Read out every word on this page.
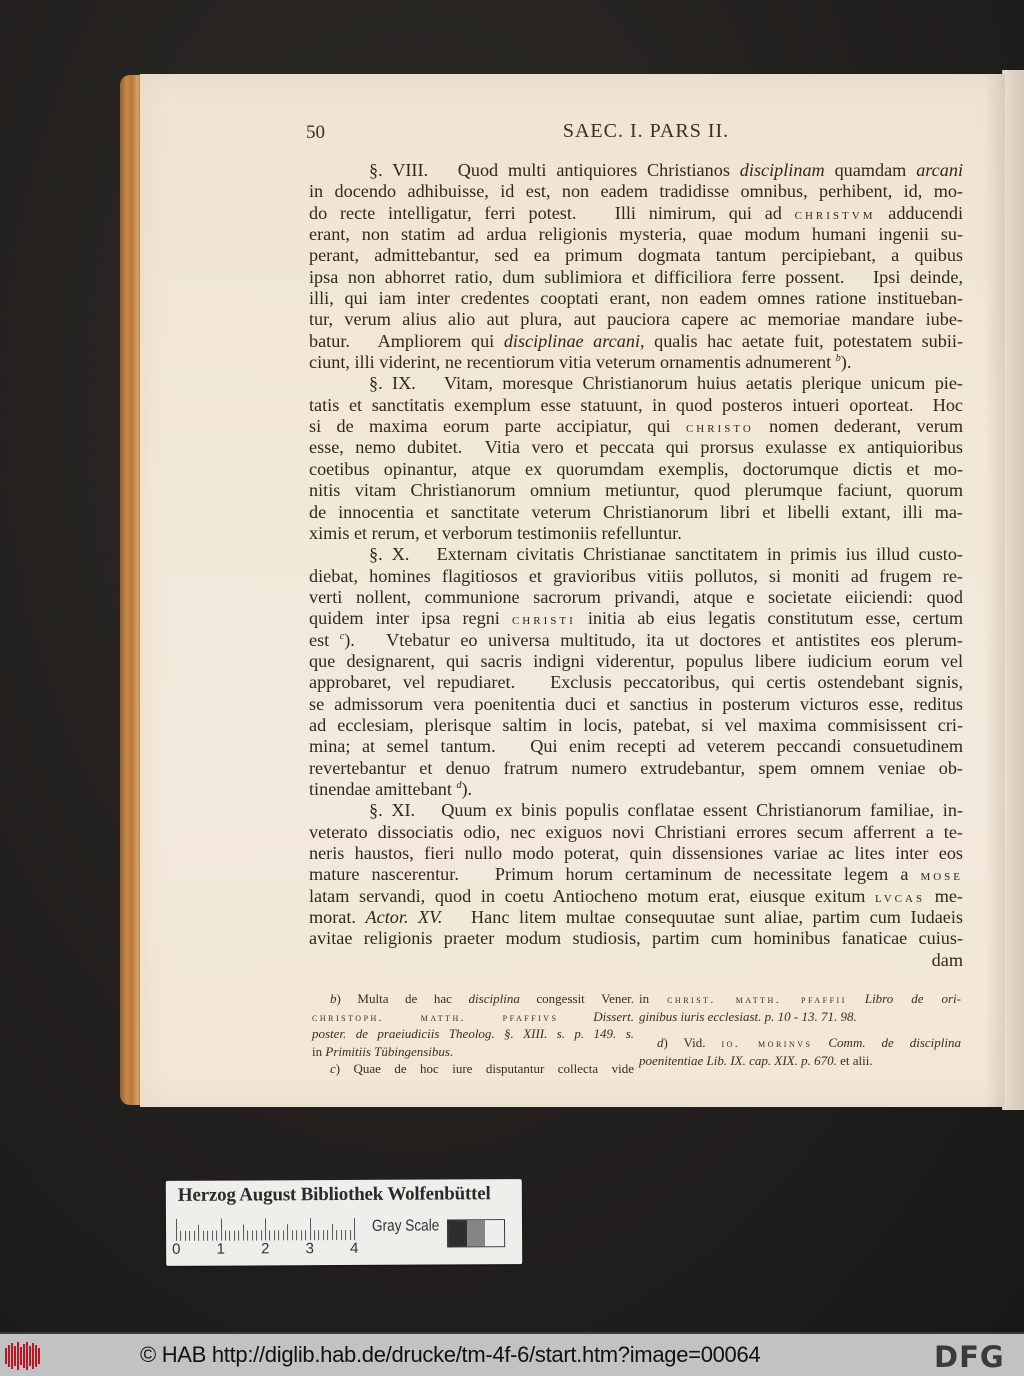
50	SAEC. I. PARS II.
§. VIII.   Quod multi antiquiores Christianos disciplinam quamdam arcani
in docendo adhibuisse, id est, non eadem tradidisse omnibus, perhibent, id, mo-
do recte intelligatur, ferri potest.   Illi nimirum, qui ad christvm adducendi
erant, non statim ad ardua religionis mysteria, quae modum humani ingenii su-
perant, admittebantur, sed ea primum dogmata tantum percipiebant, a quibus
ipsa non abhorret ratio, dum sublimiora et difficiliora ferre possent.   Ipsi deinde,
illi, qui iam inter credentes cooptati erant, non eadem omnes ratione institueban-
tur, verum alius alio aut plura, aut pauciora capere ac memoriae mandare iube-
batur.   Ampliorem qui disciplinae arcani, qualis hac aetate fuit, potestatem subii-
ciunt, illi viderint, ne recentiorum vitia veterum ornamentis adnumerent $^b$).
§. IX.   Vitam, moresque Christianorum huius aetatis plerique unicum pie-
tatis et sanctitatis exemplum esse statuunt, in quod posteros intueri oporteat.  Hoc
si de maxima eorum parte accipiatur, qui christo nomen dederant, verum
esse, nemo dubitet.  Vitia vero et peccata qui prorsus exulasse ex antiquioribus
coetibus opinantur, atque ex quorumdam exemplis, doctorumque dictis et mo-
nitis vitam Christianorum omnium metiuntur, quod plerumque faciunt, quorum
de innocentia et sanctitate veterum Christianorum libri et libelli extant, illi ma-
ximis et rerum, et verborum testimoniis refelluntur.
§. X.   Externam civitatis Christianae sanctitatem in primis ius illud custo-
diebat, homines flagitiosos et gravioribus vitiis pollutos, si moniti ad frugem re-
verti nollent, communione sacrorum privandi, atque e societate eiiciendi: quod
quidem inter ipsa regni christi initia ab eius legatis constitutum esse, certum
est $^c$).   Vtebatur eo universa multitudo, ita ut doctores et antistites eos plerum-
que designarent, qui sacris indigni viderentur, populus libere iudicium eorum vel
approbaret, vel repudiaret.   Exclusis peccatoribus, qui certis ostendebant signis,
se admissorum vera poenitentia duci et sanctius in posterum victuros esse, reditus
ad ecclesiam, plerisque saltim in locis, patebat, si vel maxima commisissent cri-
mina; at semel tantum.   Qui enim recepti ad veterem peccandi consuetudinem
revertebantur et denuo fratrum numero extrudebantur, spem omnem veniae ob-
tinendae amittebant $^d$).
§. XI.   Quum ex binis populis conflatae essent Christianorum familiae, in-
veterato dissociatis odio, nec exiguos novi Christiani errores secum afferrent a te-
neris haustos, fieri nullo modo poterat, quin dissensiones variae ac lites inter eos
mature nascerentur.   Primum horum certaminum de necessitate legem a mose
latam servandi, quod in coetu Antiocheno motum erat, eiusque exitum lvcas me-
morat. Actor. XV.   Hanc litem multae consequutae sunt aliae, partim cum Iudaeis
avitae religionis praeter modum studiosis, partim cum hominibus fanaticae cuius-
dam
b) Multa de hac disciplina congessit Vener.
christoph. matth. pfaffivs	Dissert.
poster. de praeiudiciis Theolog. §. XIII. s. p. 149. s.
in Primitiis Tübingensibus.
c) Quae de hoc iure disputantur collecta vide
in christ. matth. pfaffii Libro de ori-
ginibus iuris ecclesiast. p. 10 - 13. 71. 98.
d) Vid. io. morinvs Comm. de disciplina
poenitentiae Lib. IX. cap. XIX. p. 670. et alii.
Herzog August Bibliothek Wolfenbüttel
0 1 2 3 4
Gray Scale
© HAB http://diglib.hab.de/drucke/tm-4f-6/start.htm?image=00064	DFG
